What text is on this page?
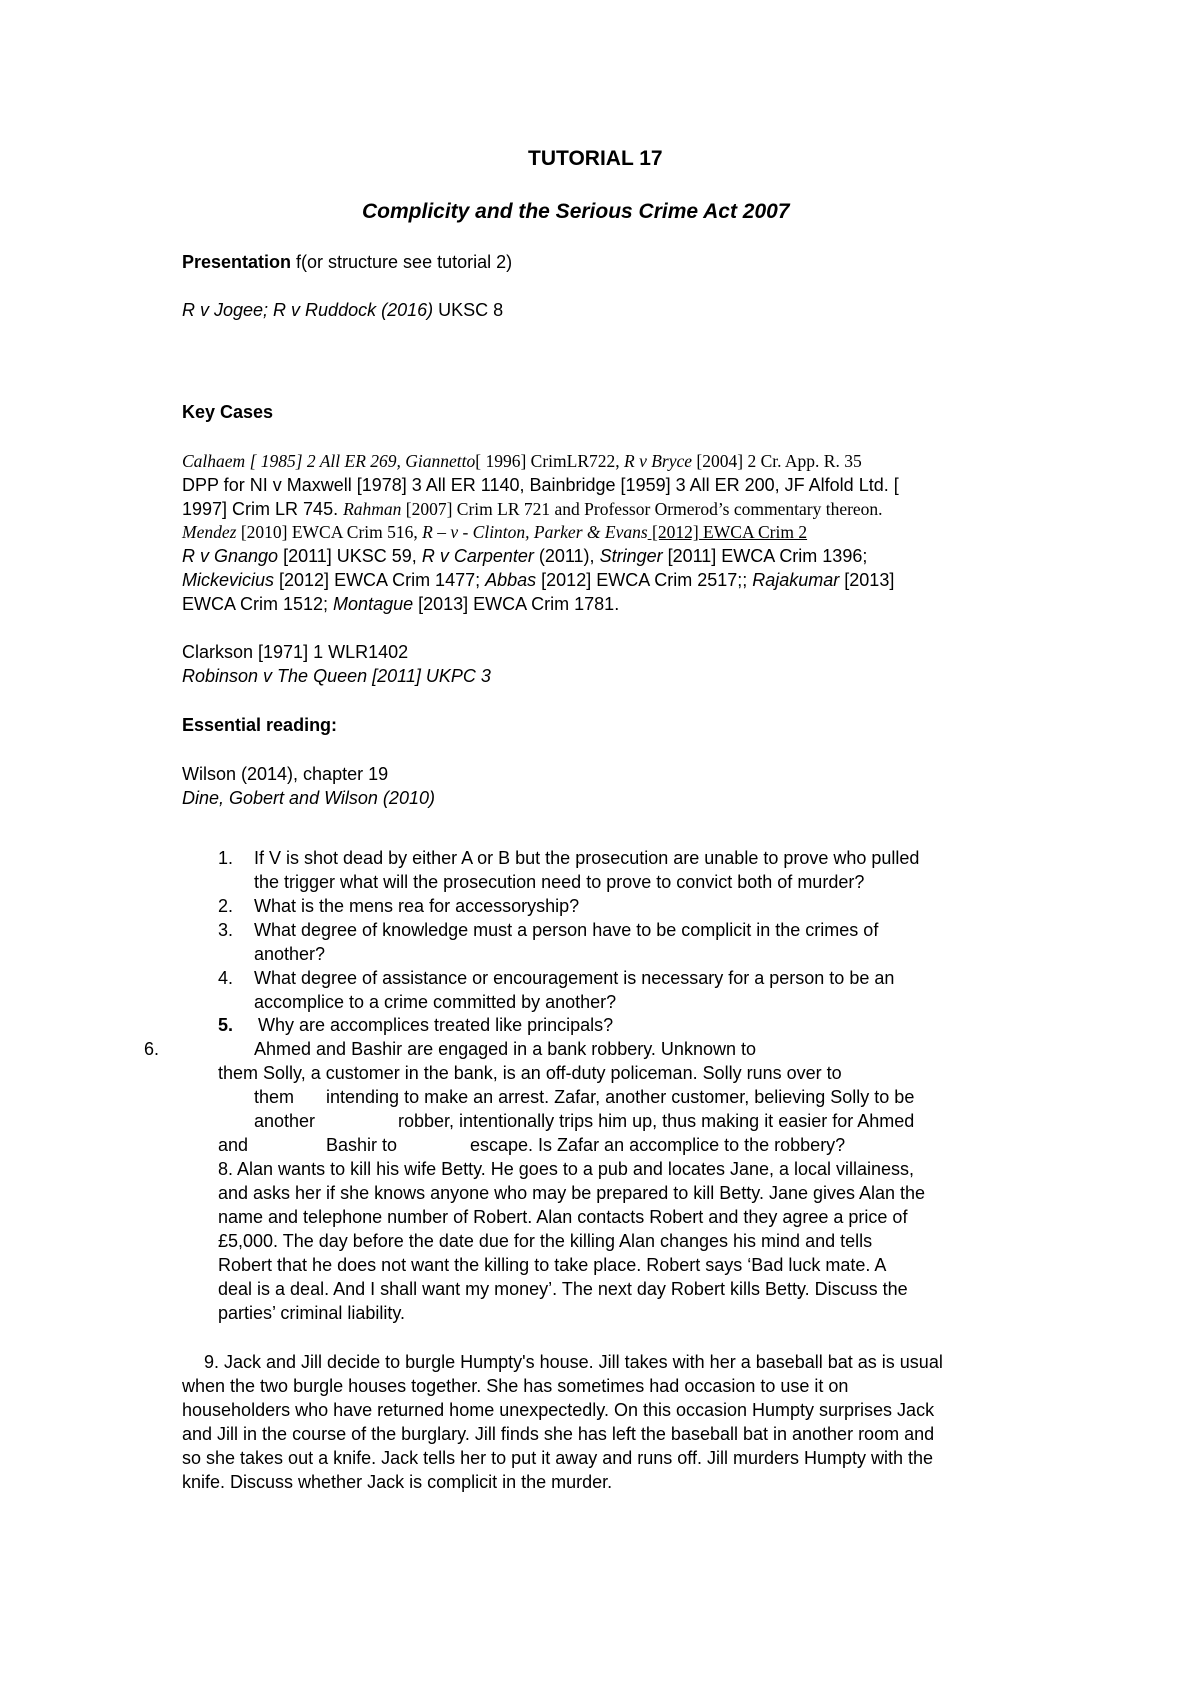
TUTORIAL 17
Complicity and the Serious Crime Act 2007
Presentation f(or structure see tutorial 2)
R v Jogee; R v Ruddock (2016) UKSC 8
Key Cases
Calhaem [ 1985] 2 All ER 269, Giannetto[ 1996] CrimLR722, R v Bryce [2004] 2 Cr. App. R. 35
DPP for NI v Maxwell [1978] 3 All ER 1140, Bainbridge [1959] 3 All ER 200, JF Alfold Ltd. [
1997] Crim LR 745. Rahman [2007] Crim LR 721 and Professor Ormerod’s commentary thereon.
Mendez [2010] EWCA Crim 516, R – v - Clinton, Parker & Evans [2012] EWCA Crim 2
R v Gnango [2011] UKSC 59, R v Carpenter (2011), Stringer [2011] EWCA Crim 1396;
Mickevicius [2012] EWCA Crim 1477; Abbas [2012] EWCA Crim 2517;; Rajakumar [2013]
EWCA Crim 1512; Montague [2013] EWCA Crim 1781.
Clarkson [1971] 1 WLR1402
Robinson v The Queen [2011] UKPC 3
Essential reading:
Wilson (2014), chapter 19
Dine, Gobert and Wilson (2010)
1. If V is shot dead by either A or B but the prosecution are unable to prove who pulled
the trigger what will the prosecution need to prove to convict both of murder?
2. What is the mens rea for accessoryship?
3. What degree of knowledge must a person have to be complicit in the crimes of
another?
4. What degree of assistance or encouragement is necessary for a person to be an
accomplice to a crime committed by another?
5. Why are accomplices treated like principals?
6.	Ahmed and Bashir are engaged in a bank robbery. Unknown to
them Solly, a customer in the bank, is an off-duty policeman. Solly runs over to
them intending to make an arrest. Zafar, another customer, believing Solly to be
another	robber, intentionally trips him up, thus making it easier for Ahmed
and	Bashir to	escape. Is Zafar an accomplice to the robbery?
8. Alan wants to kill his wife Betty. He goes to a pub and locates Jane, a local villainess,
and asks her if she knows anyone who may be prepared to kill Betty. Jane gives Alan the
name and telephone number of Robert. Alan contacts Robert and they agree a price of
£5,000. The day before the date due for the killing Alan changes his mind and tells
Robert that he does not want the killing to take place. Robert says ‘Bad luck mate. A
deal is a deal. And I shall want my money’. The next day Robert kills Betty. Discuss the
parties’ criminal liability.
9. Jack and Jill decide to burgle Humpty's house. Jill takes with her a baseball bat as is usual
when the two burgle houses together. She has sometimes had occasion to use it on
householders who have returned home unexpectedly. On this occasion Humpty surprises Jack
and Jill in the course of the burglary. Jill finds she has left the baseball bat in another room and
so she takes out a knife. Jack tells her to put it away and runs off. Jill murders Humpty with the
knife. Discuss whether Jack is complicit in the murder.
